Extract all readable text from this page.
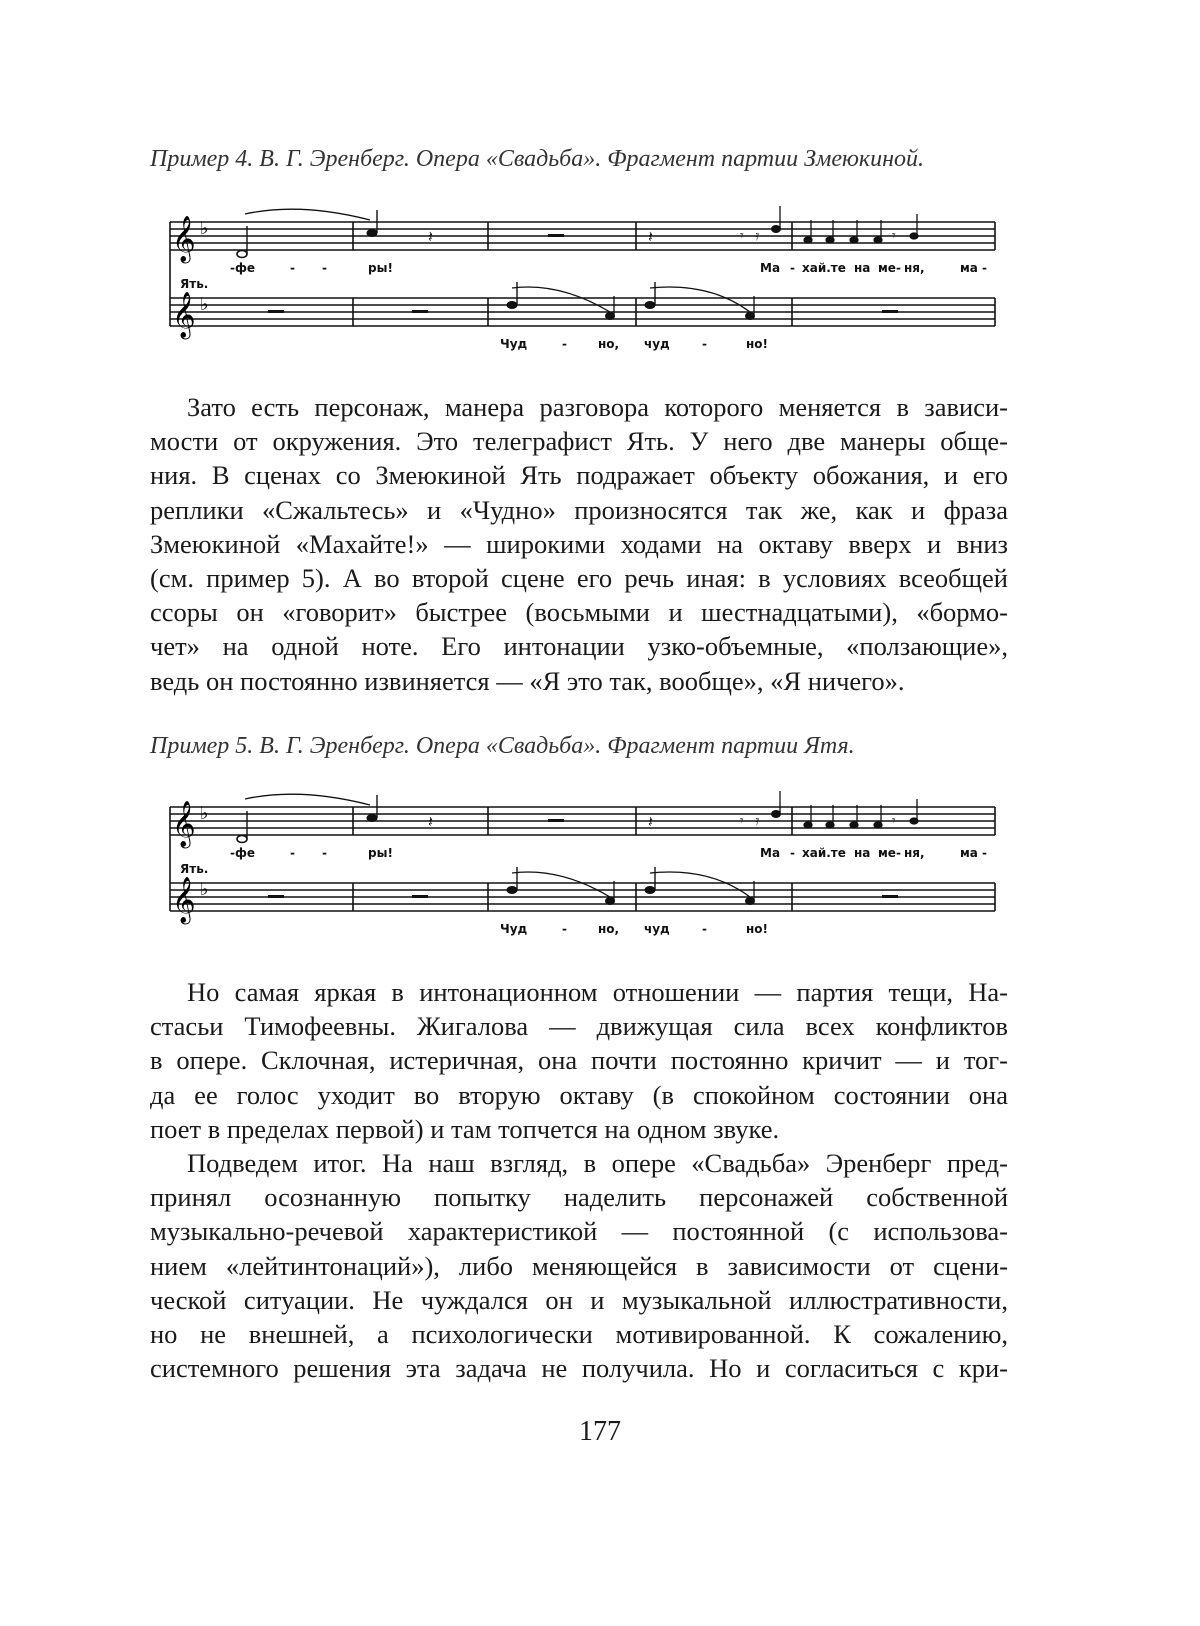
Пример 4. В. Г. Эренберг. Опера «Свадьба». Фрагмент партии Змеюкиной.
𝄞
𝄞
♭
♭
𝄽	𝄽	𝄾 𝄿	𝄾
-фе	- -	ры!	Ма - хай.те на ме - ня,	ма -
Ять.
Чуд	-	но, чуд	-	но!

Зато есть персонаж, манера разговора которого меняется в зависи-
мости от окружения. Это телеграфист Ять. У него две манеры обще-
ния. В сценах со Змеюкиной Ять подражает объекту обожания, и его
реплики «Сжальтесь» и «Чудно» произносятся так же, как и фраза
Змеюкиной «Махайте!» — широкими ходами на октаву вверх и вниз
(см. пример 5). А во второй сцене его речь иная: в условиях всеобщей
ссоры он «говорит» быстрее (восьмыми и шестнадцатыми), «бормо-
чет» на одной ноте. Его интонации узко-объемные, «ползающие»,
ведь он постоянно извиняется — «Я это так, вообще», «Я ничего».

Пример 5. В. Г. Эренберг. Опера «Свадьба». Фрагмент партии Ятя.
𝄞
𝄞
♭
♭
𝄽	𝄽	𝄾 𝄿	𝄾
-фе	- -	ры!	Ма - хай.те на ме - ня,	ма -
Ять.
Чуд	-	но, чуд	-	но!

Но самая яркая в интонационном отношении — партия тещи, На-
стасьи Тимофеевны. Жигалова — движущая сила всех конфликтов
в опере. Склочная, истеричная, она почти постоянно кричит — и тог-
да ее голос уходит во вторую октаву (в спокойном состоянии она
поет в пределах первой) и там топчется на одном звуке.

Подведем итог. На наш взгляд, в опере «Свадьба» Эренберг пред-
принял осознанную попытку наделить персонажей собственной
музыкально-речевой характеристикой — постоянной (с использова-
нием «лейтинтонаций»), либо меняющейся в зависимости от сцени-
ческой ситуации. Не чуждался он и музыкальной иллюстративности,
но не внешней, а психологически мотивированной. К сожалению,
системного решения эта задача не получила. Но и согласиться с кри-

177
